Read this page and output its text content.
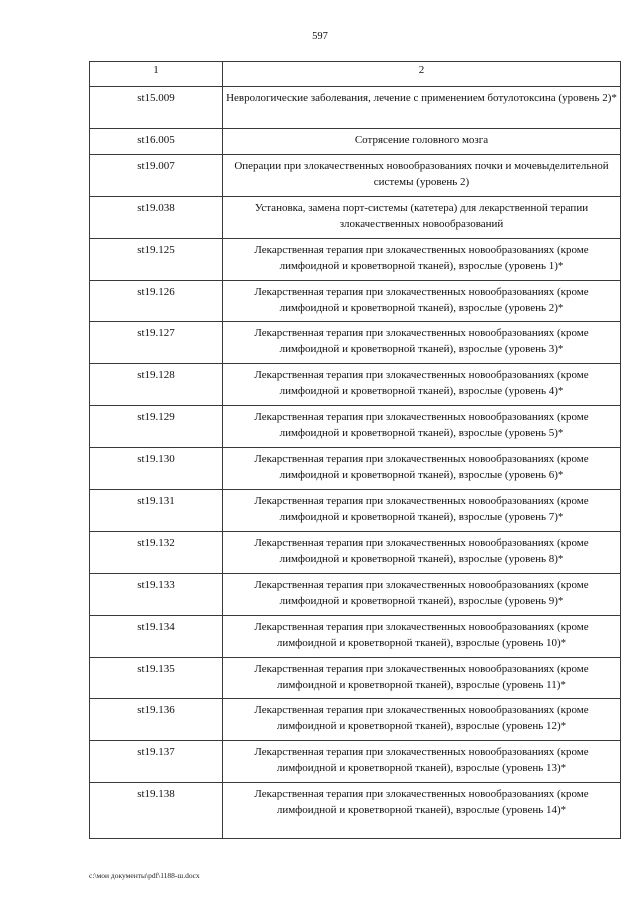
597
1	2
st15.009	Неврологические заболевания, лечение с применением ботулотоксина (уровень 2)*
st16.005	Сотрясение головного мозга
st19.007	Операции при злокачественных новообразованиях почки и мочевыделительной системы (уровень 2)
st19.038	Установка, замена порт-системы (катетера) для лекарственной терапии злокачественных новообразований
st19.125	Лекарственная терапия при злокачественных новообразованиях (кроме лимфоидной и кроветворной тканей), взрослые (уровень 1)*
st19.126	Лекарственная терапия при злокачественных новообразованиях (кроме лимфоидной и кроветворной тканей), взрослые (уровень 2)*
st19.127	Лекарственная терапия при злокачественных новообразованиях (кроме лимфоидной и кроветворной тканей), взрослые (уровень 3)*
st19.128	Лекарственная терапия при злокачественных новообразованиях (кроме лимфоидной и кроветворной тканей), взрослые (уровень 4)*
st19.129	Лекарственная терапия при злокачественных новообразованиях (кроме лимфоидной и кроветворной тканей), взрослые (уровень 5)*
st19.130	Лекарственная терапия при злокачественных новообразованиях (кроме лимфоидной и кроветворной тканей), взрослые (уровень 6)*
st19.131	Лекарственная терапия при злокачественных новообразованиях (кроме лимфоидной и кроветворной тканей), взрослые (уровень 7)*
st19.132	Лекарственная терапия при злокачественных новообразованиях (кроме лимфоидной и кроветворной тканей), взрослые (уровень 8)*
st19.133	Лекарственная терапия при злокачественных новообразованиях (кроме лимфоидной и кроветворной тканей), взрослые (уровень 9)*
st19.134	Лекарственная терапия при злокачественных новообразованиях (кроме лимфоидной и кроветворной тканей), взрослые (уровень 10)*
st19.135	Лекарственная терапия при злокачественных новообразованиях (кроме лимфоидной и кроветворной тканей), взрослые (уровень 11)*
st19.136	Лекарственная терапия при злокачественных новообразованиях (кроме лимфоидной и кроветворной тканей), взрослые (уровень 12)*
st19.137	Лекарственная терапия при злокачественных новообразованиях (кроме лимфоидной и кроветворной тканей), взрослые (уровень 13)*
st19.138	Лекарственная терапия при злокачественных новообразованиях (кроме лимфоидной и кроветворной тканей), взрослые (уровень 14)*
c:\мои документы\pdf\1188-ш.docx
